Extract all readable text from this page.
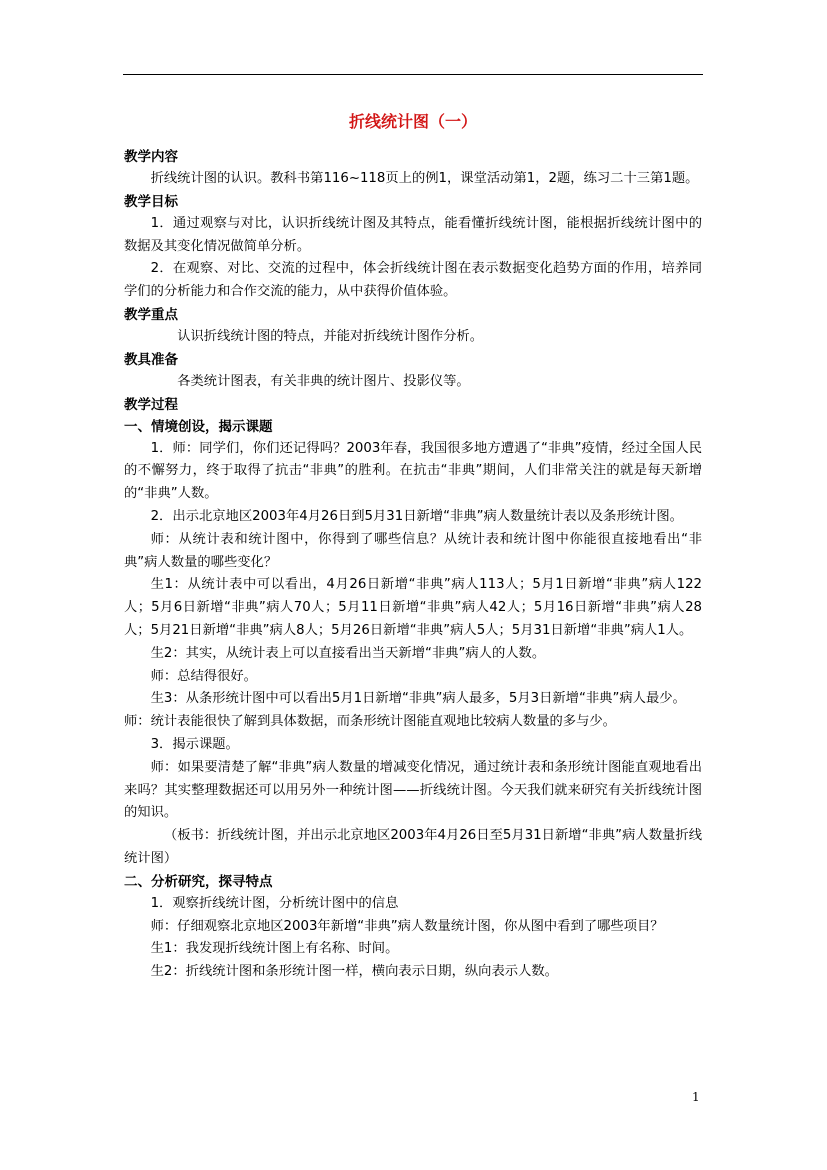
折线统计图（一）
教学内容

折线统计图的认识。教科书第116~118页上的例1，课堂活动第1，2题，练习二十三第1题。

教学目标

1．通过观察与对比，认识折线统计图及其特点，能看懂折线统计图，能根据折线统计图中的数据及其变化情况做简单分析。

2．在观察、对比、交流的过程中，体会折线统计图在表示数据变化趋势方面的作用，培养同学们的分析能力和合作交流的能力，从中获得价值体验。

教学重点

认识折线统计图的特点，并能对折线统计图作分析。

教具准备

各类统计图表，有关非典的统计图片、投影仪等。

教学过程
一、情境创设，揭示课题

1．师：同学们，你们还记得吗？2003年春，我国很多地方遭遇了“非典”疫情，经过全国人民的不懈努力，终于取得了抗击“非典”的胜利。在抗击“非典”期间，人们非常关注的就是每天新增的“非典”人数。

2．出示北京地区2003年4月26日到5月31日新增“非典”病人数量统计表以及条形统计图。

师：从统计表和统计图中，你得到了哪些信息？从统计表和统计图中你能很直接地看出“非典”病人数量的哪些变化？

生1：从统计表中可以看出，4月26日新增“非典”病人113人；5月1日新增“非典”病人122人；5月6日新增“非典”病人70人；5月11日新增“非典”病人42人；5月16日新增“非典”病人28人；5月21日新增“非典”病人8人；5月26日新增“非典”病人5人；5月31日新增“非典”病人1人。

生2：其实，从统计表上可以直接看出当天新增“非典”病人的人数。

师：总结得很好。

生3：从条形统计图中可以看出5月1日新增“非典”病人最多，5月3日新增“非典”病人最少。

师：统计表能很快了解到具体数据，而条形统计图能直观地比较病人数量的多与少。

3．揭示课题。

师：如果要清楚了解“非典”病人数量的增减变化情况，通过统计表和条形统计图能直观地看出来吗？其实整理数据还可以用另外一种统计图——折线统计图。今天我们就来研究有关折线统计图的知识。

（板书：折线统计图，并出示北京地区2003年4月26日至5月31日新增“非典”病人数量折线统计图）

二、分析研究，探寻特点

1．观察折线统计图，分析统计图中的信息

师：仔细观察北京地区2003年新增“非典”病人数量统计图，你从图中看到了哪些项目？

生1：我发现折线统计图上有名称、时间。

生2：折线统计图和条形统计图一样，横向表示日期，纵向表示人数。

1
